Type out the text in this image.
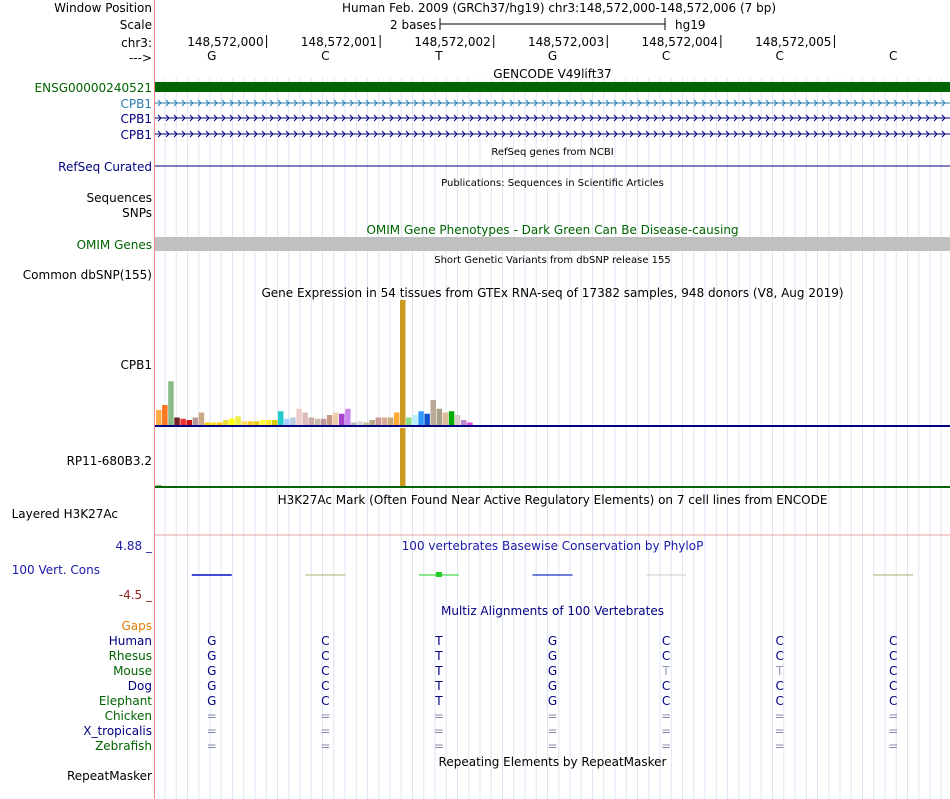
Window Position
Scale
chr3:
--->
Human Feb. 2009 (GRCh37/hg19) chr3:148,572,000-148,572,006 (7 bp)
2 bases	hg19
148,572,000	148,572,001	148,572,002	148,572,003	148,572,004	148,572,005
G	C	T	G	C	C	C
GENCODE V49lift37
ENSG00000240521
CPB1
CPB1
CPB1
RefSeq genes from NCBI
RefSeq Curated
Publications: Sequences in Scientific Articles
Sequences
SNPs
OMIM Gene Phenotypes - Dark Green Can Be Disease-causing
OMIM Genes
Short Genetic Variants from dbSNP release 155
Common dbSNP(155)
Gene Expression in 54 tissues from GTEx RNA-seq of 17382 samples, 948 donors (V8, Aug 2019)
CPB1
RP11-680B3.2
H3K27Ac Mark (Often Found Near Active Regulatory Elements) on 7 cell lines from ENCODE
Layered H3K27Ac
100 vertebrates Basewise Conservation by PhyloP
4.88 _
100 Vert. Cons
-4.5 _
Multiz Alignments of 100 Vertebrates
Gaps
Human	G	C	T	G	C	C	C
Rhesus	G	C	T	G	C	C	C
Mouse	G	C	T	G	T	T	C
Dog	G	C	T	G	C	C	C
Elephant	G	C	T	G	C	C	C
Chicken	=	=	=	=	=	=	=
X_tropicalis	=	=	=	=	=	=	=
Zebrafish	=	=	=	=	=	=	=
Repeating Elements by RepeatMasker
RepeatMasker
